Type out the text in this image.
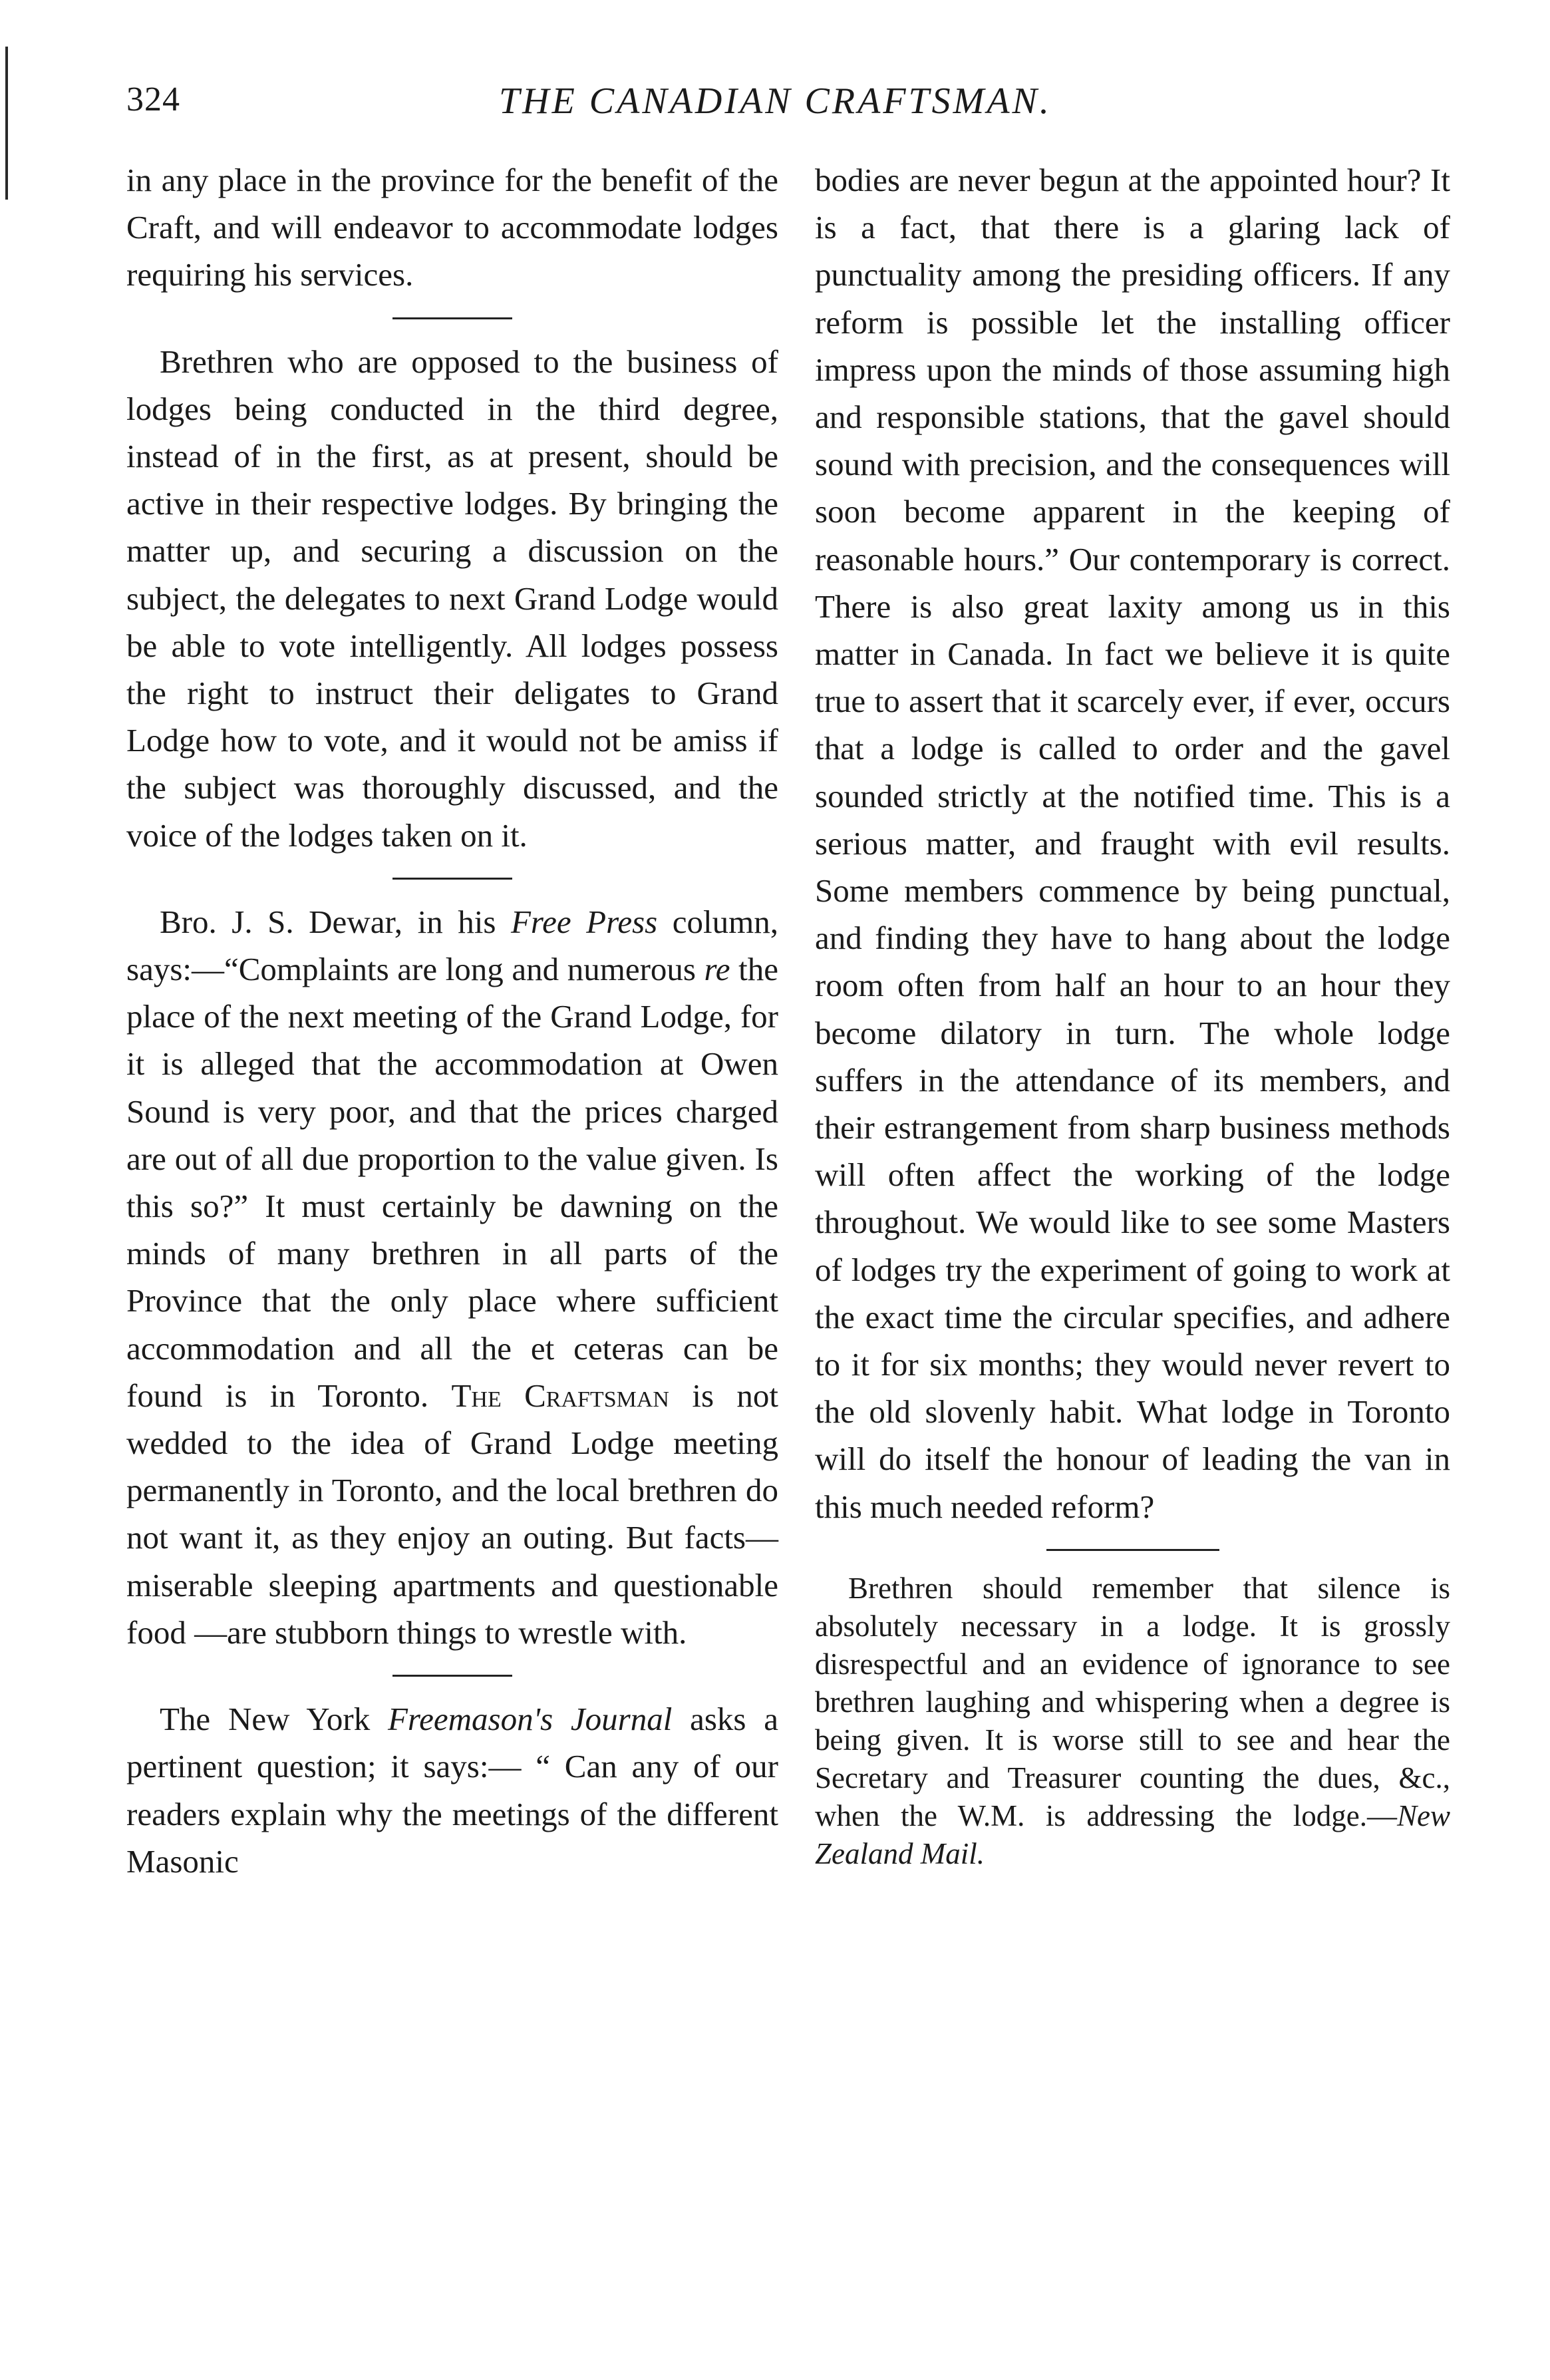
324	THE CANADIAN CRAFTSMAN.

in any place in the province for the benefit of the Craft, and will endeavor to accommodate lodges requiring his services.

Brethren who are opposed to the business of lodges being conducted in the third degree, instead of in the first, as at present, should be active in their respective lodges. By bringing the matter up, and securing a discussion on the subject, the delegates to next Grand Lodge would be able to vote intelligently. All lodges possess the right to instruct their deligates to Grand Lodge how to vote, and it would not be amiss if the subject was thoroughly discussed, and the voice of the lodges taken on it.

Bro. J. S. Dewar, in his Free Press column, says:—“Complaints are long and numerous re the place of the next meeting of the Grand Lodge, for it is alleged that the accommodation at Owen Sound is very poor, and that the prices charged are out of all due proportion to the value given. Is this so?” It must certainly be dawning on the minds of many brethren in all parts of the Province that the only place where sufficient accommodation and all the et ceteras can be found is in Toronto. The Craftsman is not wedded to the idea of Grand Lodge meeting permanently in Toronto, and the local brethren do not want it, as they enjoy an outing. But facts— miserable sleeping apartments and questionable food —are stubborn things to wrestle with.

The New York Freemason's Journal asks a pertinent question; it says:— “ Can any of our readers explain why the meetings of the different Masonic

bodies are never begun at the appointed hour? It is a fact, that there is a glaring lack of punctuality among the presiding officers. If any reform is possible let the installing officer impress upon the minds of those assuming high and responsible stations, that the gavel should sound with precision, and the consequences will soon become apparent in the keeping of reasonable hours.” Our contemporary is correct. There is also great laxity among us in this matter in Canada. In fact we believe it is quite true to assert that it scarcely ever, if ever, occurs that a lodge is called to order and the gavel sounded strictly at the notified time. This is a serious matter, and fraught with evil results. Some members commence by being punctual, and finding they have to hang about the lodge room often from half an hour to an hour they become dilatory in turn. The whole lodge suffers in the attendance of its members, and their estrangement from sharp business methods will often affect the working of the lodge throughout. We would like to see some Masters of lodges try the experiment of going to work at the exact time the circular specifies, and adhere to it for six months; they would never revert to the old slovenly habit. What lodge in Toronto will do itself the honour of leading the van in this much needed reform?

Brethren should remember that silence is absolutely necessary in a lodge. It is grossly disrespectful and an evidence of ignorance to see brethren laughing and whispering when a degree is being given. It is worse still to see and hear the Secretary and Treasurer counting the dues, &c., when the W.M. is addressing the lodge.—New Zealand Mail.
